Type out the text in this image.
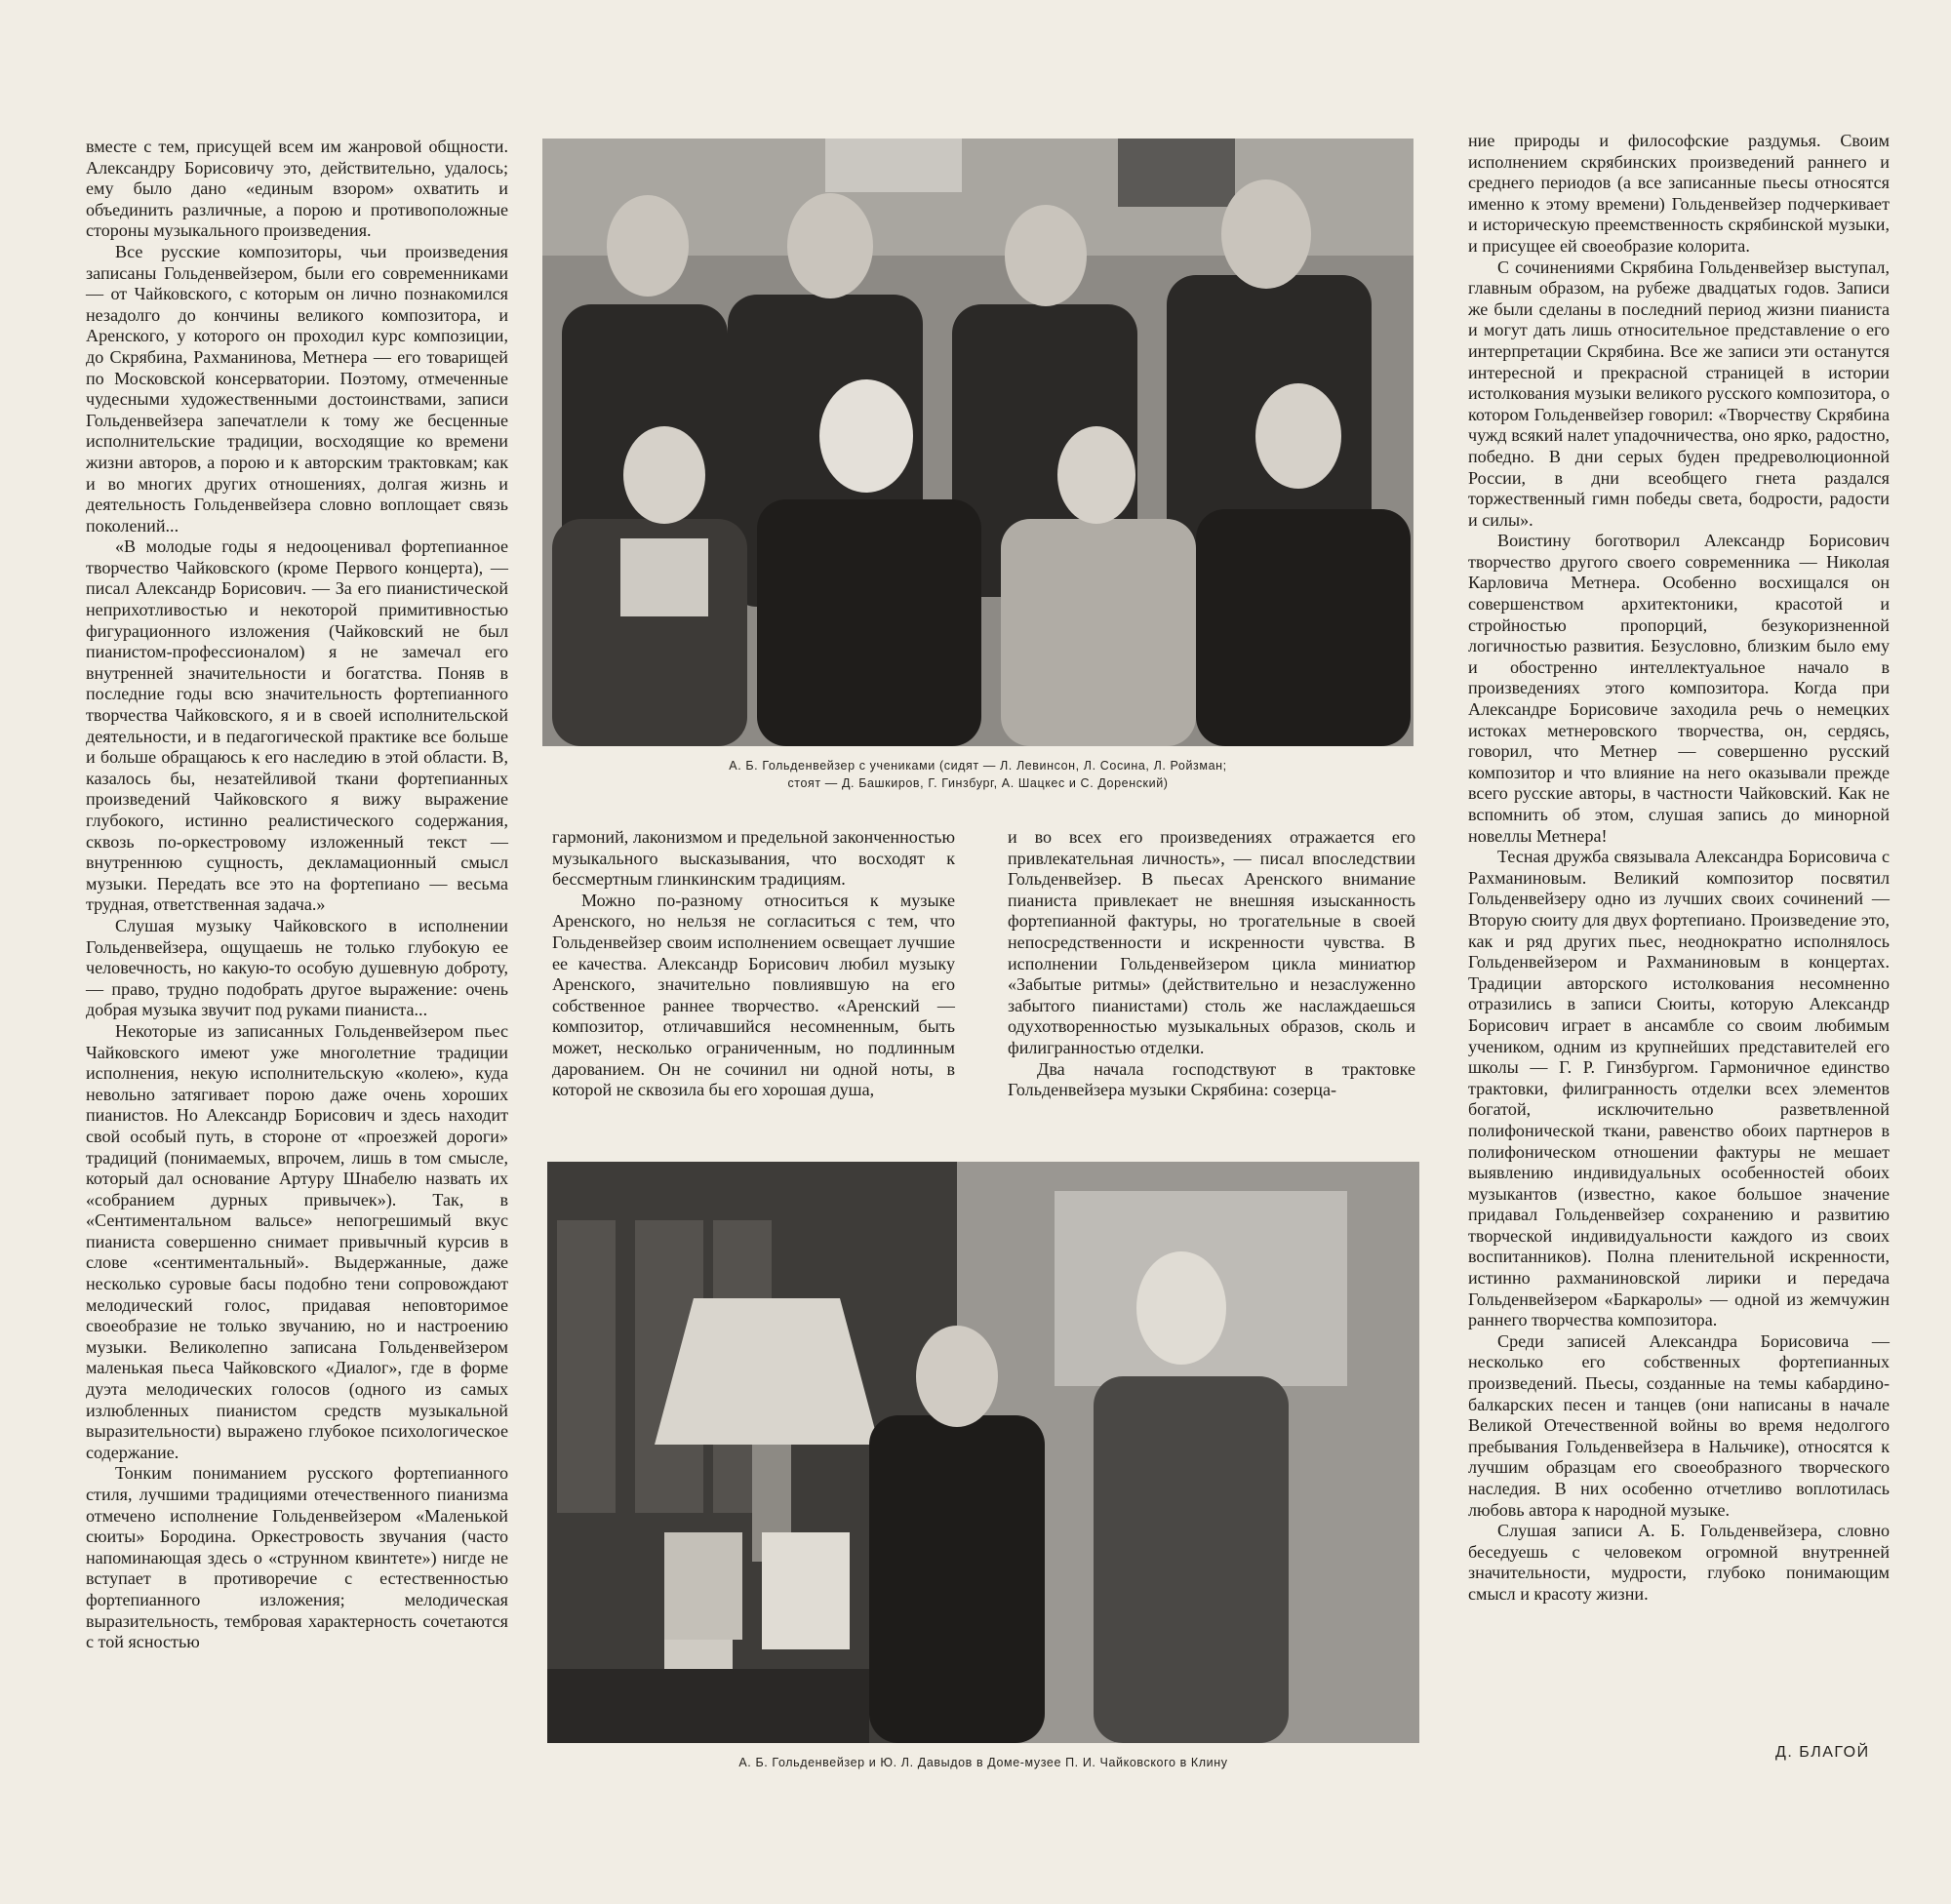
вместе с тем, присущей всем им жанровой общности. Александру Борисовичу это, действительно, удалось; ему было дано «единым взором» охватить и объединить различные, а порою и противоположные стороны музыкального произведения.

Все русские композиторы, чьи произведения записаны Гольденвейзером, были его современниками — от Чайковского, с которым он лично познакомился незадолго до кончины великого композитора, и Аренского, у которого он проходил курс композиции, до Скрябина, Рахманинова, Метнера — его товарищей по Московской консерватории. Поэтому, отмеченные чудесными художественными достоинствами, записи Гольденвейзера запечатлели к тому же бесценные исполнительские традиции, восходящие ко времени жизни авторов, а порою и к авторским трактовкам; как и во многих других отношениях, долгая жизнь и деятельность Гольденвейзера словно воплощает связь поколений...

«В молодые годы я недооценивал фортепианное творчество Чайковского (кроме Первого концерта), — писал Александр Борисович. — За его пианистической неприхотливостью и некоторой примитивностью фигурационного изложения (Чайковский не был пианистом-профессионалом) я не замечал его внутренней значительности и богатства. Поняв в последние годы всю значительность фортепианного творчества Чайковского, я и в своей исполнительской деятельности, и в педагогической практике все больше и больше обращаюсь к его наследию в этой области. В, казалось бы, незатейливой ткани фортепианных произведений Чайковского я вижу выражение глубокого, истинно реалистического содержания, сквозь по-оркестровому изложенный текст — внутреннюю сущность, декламационный смысл музыки. Передать все это на фортепиано — весьма трудная, ответственная задача.»

Слушая музыку Чайковского в исполнении Гольденвейзера, ощущаешь не только глубокую ее человечность, но какую-то особую душевную доброту, — право, трудно подобрать другое выражение: очень добрая музыка звучит под руками пианиста...

Некоторые из записанных Гольденвейзером пьес Чайковского имеют уже многолетние традиции исполнения, некую исполнительскую «колею», куда невольно затягивает порою даже очень хороших пианистов. Но Александр Борисович и здесь находит свой особый путь, в стороне от «проезжей дороги» традиций (понимаемых, впрочем, лишь в том смысле, который дал основание Артуру Шнабелю назвать их «собранием дурных привычек»). Так, в «Сентиментальном вальсе» непогрешимый вкус пианиста совершенно снимает привычный курсив в слове «сентиментальный». Выдержанные, даже несколько суровые басы подобно тени сопровождают мелодический голос, придавая неповторимое своеобразие не только звучанию, но и настроению музыки. Великолепно записана Гольденвейзером маленькая пьеса Чайковского «Диалог», где в форме дуэта мелодических голосов (одного из самых излюбленных пианистом средств музыкальной выразительности) выражено глубокое психологическое содержание.

Тонким пониманием русского фортепианного стиля, лучшими традициями отечественного пианизма отмечено исполнение Гольденвейзером «Маленькой сюиты» Бородина. Оркестровость звучания (часто напоминающая здесь о «струнном квинтете») нигде не вступает в противоречие с естественностью фортепианного изложения; мелодическая выразительность, тембровая характерность сочетаются с той ясностью

А. Б. Гольденвейзер с учениками (сидят — Л. Левинсон, Л. Сосина, Л. Ройзман;
стоят — Д. Башкиров, Г. Гинзбург, А. Шацкес и С. Доренский)

гармоний, лаконизмом и предельной законченностью музыкального высказывания, что восходят к бессмертным глинкинским традициям.

Можно по-разному относиться к музыке Аренского, но нельзя не согласиться с тем, что Гольденвейзер своим исполнением освещает лучшие ее качества. Александр Борисович любил музыку Аренского, значительно повлиявшую на его собственное раннее творчество. «Аренский — композитор, отличавшийся несомненным, быть может, несколько ограниченным, но подлинным дарованием. Он не сочинил ни одной ноты, в которой не сквозила бы его хорошая душа,

и во всех его произведениях отражается его привлекательная личность», — писал впоследствии Гольденвейзер. В пьесах Аренского внимание пианиста привлекает не внешняя изысканность фортепианной фактуры, но трогательные в своей непосредственности и искренности чувства. В исполнении Гольденвейзером цикла миниатюр «Забытые ритмы» (действительно и незаслуженно забытого пианистами) столь же наслаждаешься одухотворенностью музыкальных образов, сколь и филигранностью отделки.

Два начала господствуют в трактовке Гольденвейзера музыки Скрябина: созерца-

А. Б. Гольденвейзер и Ю. Л. Давыдов в Доме-музее П. И. Чайковского в Клину

ние природы и философские раздумья. Своим исполнением скрябинских произведений раннего и среднего периодов (а все записанные пьесы относятся именно к этому времени) Гольденвейзер подчеркивает и историческую преемственность скрябинской музыки, и присущее ей своеобразие колорита.

С сочинениями Скрябина Гольденвейзер выступал, главным образом, на рубеже двадцатых годов. Записи же были сделаны в последний период жизни пианиста и могут дать лишь относительное представление о его интерпретации Скрябина. Все же записи эти останутся интересной и прекрасной страницей в истории истолкования музыки великого русского композитора, о котором Гольденвейзер говорил: «Творчеству Скрябина чужд всякий налет упадочничества, оно ярко, радостно, победно. В дни серых буден предреволюционной России, в дни всеобщего гнета раздался торжественный гимн победы света, бодрости, радости и силы».

Воистину боготворил Александр Борисович творчество другого своего современника — Николая Карловича Метнера. Особенно восхищался он совершенством архитектоники, красотой и стройностью пропорций, безукоризненной логичностью развития. Безусловно, близким было ему и обостренно интеллектуальное начало в произведениях этого композитора. Когда при Александре Борисовиче заходила речь о немецких истоках метнеровского творчества, он, сердясь, говорил, что Метнер — совершенно русский композитор и что влияние на него оказывали прежде всего русские авторы, в частности Чайковский. Как не вспомнить об этом, слушая запись до минорной новеллы Метнера!

Тесная дружба связывала Александра Борисовича с Рахманиновым. Великий композитор посвятил Гольденвейзеру одно из лучших своих сочинений — Вторую сюиту для двух фортепиано. Произведение это, как и ряд других пьес, неоднократно исполнялось Гольденвейзером и Рахманиновым в концертах. Традиции авторского истолкования несомненно отразились в записи Сюиты, которую Александр Борисович играет в ансамбле со своим любимым учеником, одним из крупнейших представителей его школы — Г. Р. Гинзбургом. Гармоничное единство трактовки, филигранность отделки всех элементов богатой, исключительно разветвленной полифонической ткани, равенство обоих партнеров в полифоническом отношении фактуры не мешает выявлению индивидуальных особенностей обоих музыкантов (известно, какое большое значение придавал Гольденвейзер сохранению и развитию творческой индивидуальности каждого из своих воспитанников). Полна пленительной искренности, истинно рахманиновской лирики и передача Гольденвейзером «Баркаролы» — одной из жемчужин раннего творчества композитора.

Среди записей Александра Борисовича — несколько его собственных фортепианных произведений. Пьесы, созданные на темы кабардино-балкарских песен и танцев (они написаны в начале Великой Отечественной войны во время недолгого пребывания Гольденвейзера в Нальчике), относятся к лучшим образцам его своеобразного творческого наследия. В них особенно отчетливо воплотилась любовь автора к народной музыке.

Слушая записи А. Б. Гольденвейзера, словно беседуешь с человеком огромной внутренней значительности, мудрости, глубоко понимающим смысл и красоту жизни.

Д. БЛАГОЙ
